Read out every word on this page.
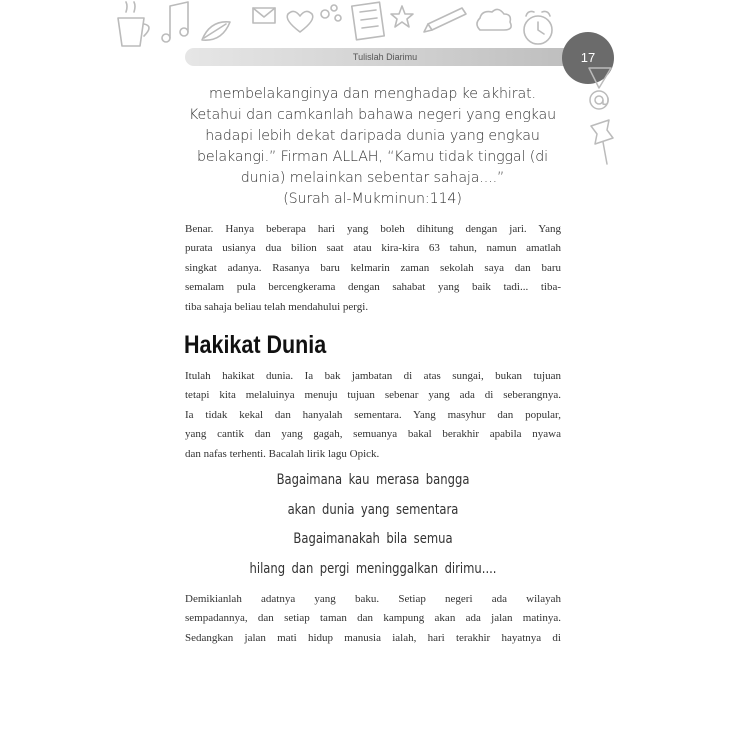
Tulislah Diarimu	17
membelakanginya dan menghadap ke akhirat.
Ketahui dan camkanlah bahawa negeri yang engkau
hadapi lebih dekat daripada dunia yang engkau
belakangi.” Firman ALLAH, “Kamu tidak tinggal (di
dunia) melainkan sebentar sahaja....”
(Surah al-Mukminun:114)
Benar. Hanya beberapa hari yang boleh dihitung dengan jari. Yang
purata usianya dua bilion saat atau kira-kira 63 tahun, namun amatlah
singkat adanya. Rasanya baru kelmarin zaman sekolah saya dan baru
semalam pula bercengkerama dengan sahabat yang baik tadi... tiba-
tiba sahaja beliau telah mendahului pergi.
Hakikat Dunia
Itulah hakikat dunia. Ia bak jambatan di atas sungai, bukan tujuan
tetapi kita melaluinya menuju tujuan sebenar yang ada di seberangnya.
Ia tidak kekal dan hanyalah sementara. Yang masyhur dan popular,
yang cantik dan yang gagah, semuanya bakal berakhir apabila nyawa
dan nafas terhenti. Bacalah lirik lagu Opick.
Bagaimana kau merasa bangga
akan dunia yang sementara
Bagaimanakah bila semua
hilang dan pergi meninggalkan dirimu....
Demikianlah adatnya yang baku. Setiap negeri ada wilayah
sempadannya, dan setiap taman dan kampung akan ada jalan matinya.
Sedangkan jalan mati hidup manusia ialah, hari terakhir hayatnya di
